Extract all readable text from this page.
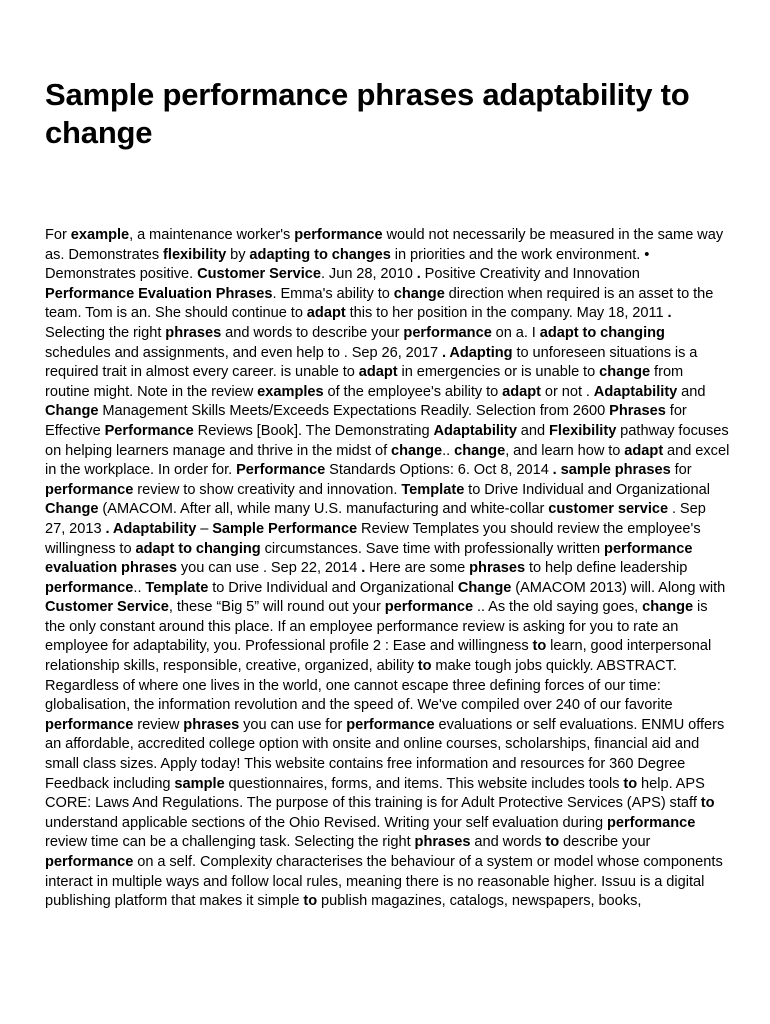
Sample performance phrases adaptability to change

For example, a maintenance worker's performance would not necessarily be measured in the same way as. Demonstrates flexibility by adapting to changes in priorities and the work environment. • Demonstrates positive. Customer Service. Jun 28, 2010 . Positive Creativity and Innovation Performance Evaluation Phrases. Emma's ability to change direction when required is an asset to the team. Tom is an. She should continue to adapt this to her position in the company. May 18, 2011 . Selecting the right phrases and words to describe your performance on a. I adapt to changing schedules and assignments, and even help to . Sep 26, 2017 . Adapting to unforeseen situations is a required trait in almost every career. is unable to adapt in emergencies or is unable to change from routine might. Note in the review examples of the employee's ability to adapt or not . Adaptability and Change Management Skills Meets/Exceeds Expectations Readily. Selection from 2600 Phrases for Effective Performance Reviews [Book]. The Demonstrating Adaptability and Flexibility pathway focuses on helping learners manage and thrive in the midst of change.. change, and learn how to adapt and excel in the workplace. In order for. Performance Standards Options: 6. Oct 8, 2014 . sample phrases for performance review to show creativity and innovation. Template to Drive Individual and Organizational Change (AMACOM. After all, while many U.S. manufacturing and white-collar customer service . Sep 27, 2013 . Adaptability – Sample Performance Review Templates you should review the employee's willingness to adapt to changing circumstances. Save time with professionally written performance evaluation phrases you can use . Sep 22, 2014 . Here are some phrases to help define leadership performance.. Template to Drive Individual and Organizational Change (AMACOM 2013) will. Along with Customer Service, these “Big 5” will round out your performance .. As the old saying goes, change is the only constant around this place. If an employee performance review is asking for you to rate an employee for adaptability, you. Professional profile 2 : Ease and willingness to learn, good interpersonal relationship skills, responsible, creative, organized, ability to make tough jobs quickly. ABSTRACT. Regardless of where one lives in the world, one cannot escape three defining forces of our time: globalisation, the information revolution and the speed of. We've compiled over 240 of our favorite performance review phrases you can use for performance evaluations or self evaluations. ENMU offers an affordable, accredited college option with onsite and online courses, scholarships, financial aid and small class sizes. Apply today! This website contains free information and resources for 360 Degree Feedback including sample questionnaires, forms, and items. This website includes tools to help. APS CORE: Laws And Regulations. The purpose of this training is for Adult Protective Services (APS) staff to understand applicable sections of the Ohio Revised. Writing your self evaluation during performance review time can be a challenging task. Selecting the right phrases and words to describe your performance on a self. Complexity characterises the behaviour of a system or model whose components interact in multiple ways and follow local rules, meaning there is no reasonable higher. Issuu is a digital publishing platform that makes it simple to publish magazines, catalogs, newspapers, books,
